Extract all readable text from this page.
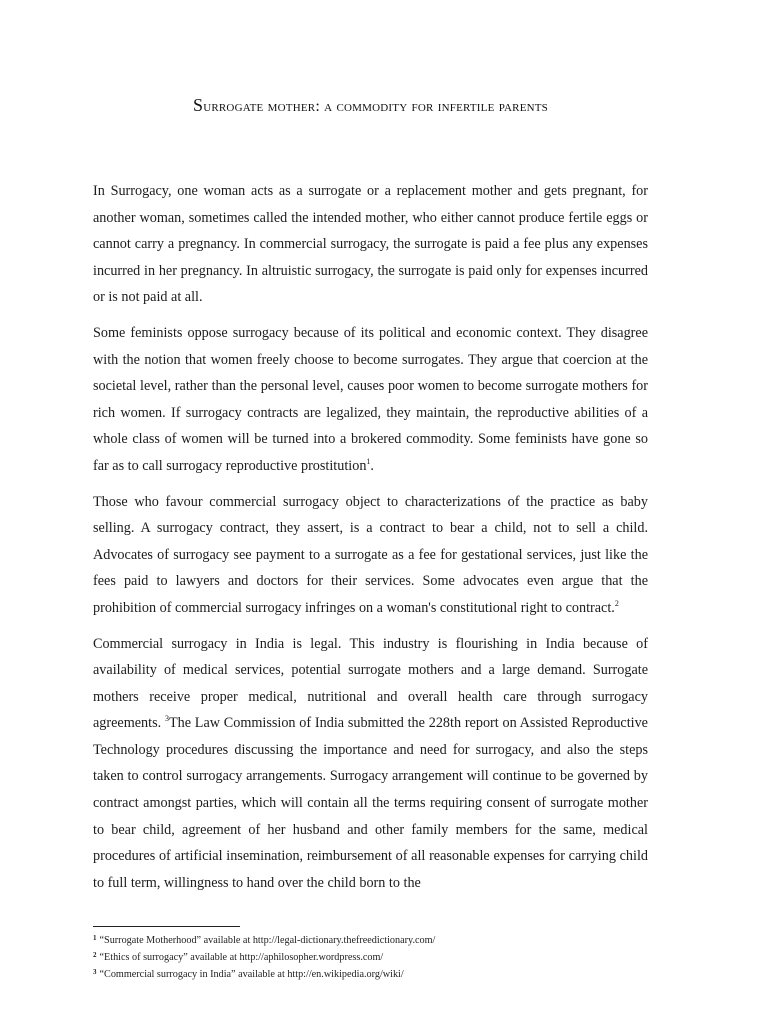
Surrogate mother: a commodity for infertile parents

In Surrogacy, one woman acts as a surrogate or a replacement mother and gets pregnant, for another woman, sometimes called the intended mother, who either cannot produce fertile eggs or cannot carry a pregnancy. In commercial surrogacy, the surrogate is paid a fee plus any expenses incurred in her pregnancy. In altruistic surrogacy, the surrogate is paid only for expenses incurred or is not paid at all.

Some feminists oppose surrogacy because of its political and economic context. They disagree with the notion that women freely choose to become surrogates. They argue that coercion at the societal level, rather than the personal level, causes poor women to become surrogate mothers for rich women. If surrogacy contracts are legalized, they maintain, the reproductive abilities of a whole class of women will be turned into a brokered commodity. Some feminists have gone so far as to call surrogacy reproductive prostitution$^1$.

Those who favour commercial surrogacy object to characterizations of the practice as baby selling. A surrogacy contract, they assert, is a contract to bear a child, not to sell a child. Advocates of surrogacy see payment to a surrogate as a fee for gestational services, just like the fees paid to lawyers and doctors for their services. Some advocates even argue that the prohibition of commercial surrogacy infringes on a woman's constitutional right to contract.$^2$

Commercial surrogacy in India is legal. This industry is flourishing in India because of availability of medical services, potential surrogate mothers and a large demand. Surrogate mothers receive proper medical, nutritional and overall health care through surrogacy agreements. $^3$The Law Commission of India submitted the 228th report on Assisted Reproductive Technology procedures discussing the importance and need for surrogacy, and also the steps taken to control surrogacy arrangements. Surrogacy arrangement will continue to be governed by contract amongst parties, which will contain all the terms requiring consent of surrogate mother to bear child, agreement of her husband and other family members for the same, medical procedures of artificial insemination, reimbursement of all reasonable expenses for carrying child to full term, willingness to hand over the child born to the

$^1$ “Surrogate Motherhood” available at http://legal-dictionary.thefreedictionary.com/
$^2$ “Ethics of surrogacy” available at http://aphilosopher.wordpress.com/
$^3$ “Commercial surrogacy in India” available at http://en.wikipedia.org/wiki/
